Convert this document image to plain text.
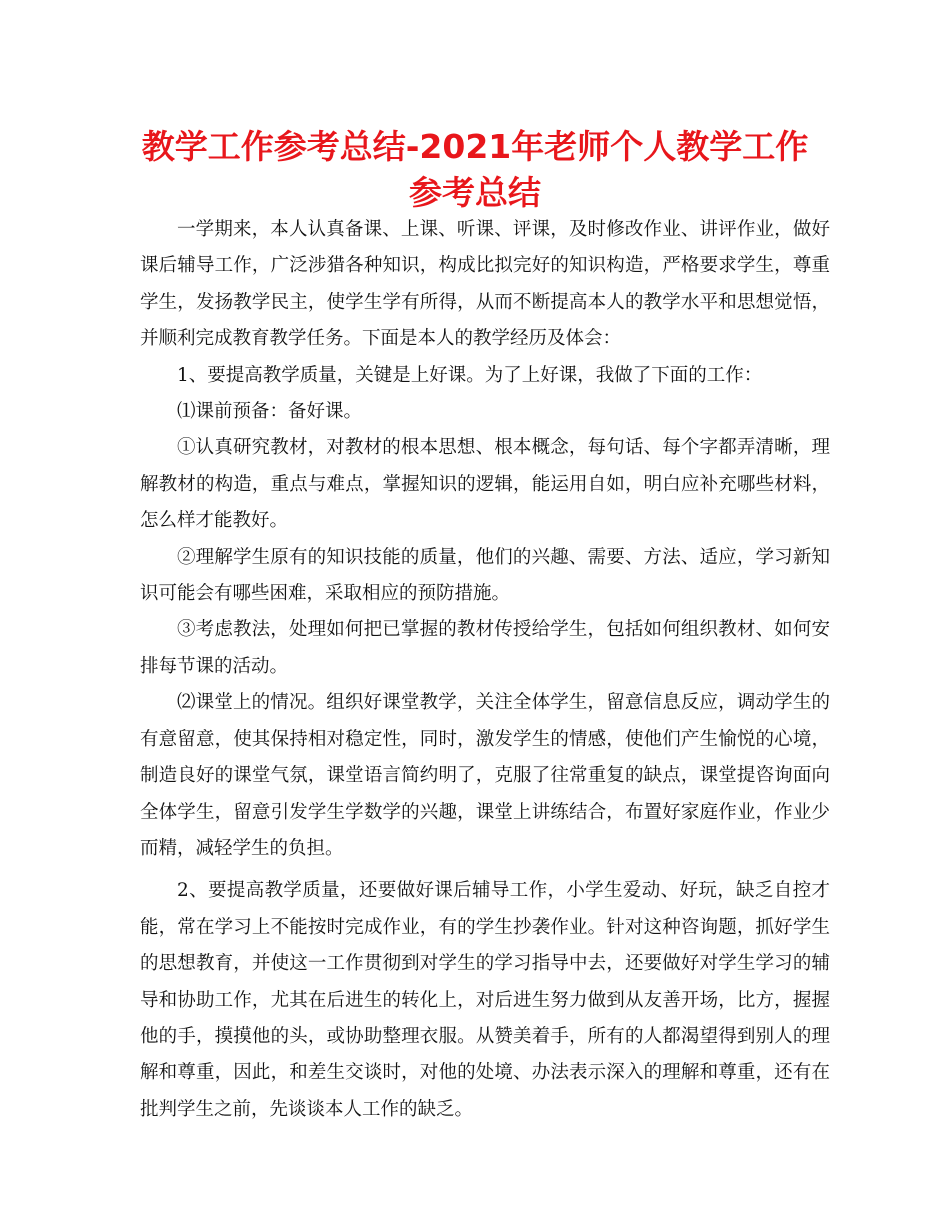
教学工作参考总结-2021年老师个人教学工作参考总结

一学期来，本人认真备课、上课、听课、评课，及时修改作业、讲评作业，做好课后辅导工作，广泛涉猎各种知识，构成比拟完好的知识构造，严格要求学生，尊重学生，发扬教学民主，使学生学有所得，从而不断提高本人的教学水平和思想觉悟，并顺利完成教育教学任务。下面是本人的教学经历及体会：

1、要提高教学质量，关键是上好课。为了上好课，我做了下面的工作：

⑴课前预备：备好课。

①认真研究教材，对教材的根本思想、根本概念，每句话、每个字都弄清晰，理解教材的构造，重点与难点，掌握知识的逻辑，能运用自如，明白应补充哪些材料，怎么样才能教好。

②理解学生原有的知识技能的质量，他们的兴趣、需要、方法、适应，学习新知识可能会有哪些困难，采取相应的预防措施。

③考虑教法，处理如何把已掌握的教材传授给学生，包括如何组织教材、如何安排每节课的活动。

⑵课堂上的情况。组织好课堂教学，关注全体学生，留意信息反应，调动学生的有意留意，使其保持相对稳定性，同时，激发学生的情感，使他们产生愉悦的心境，制造良好的课堂气氛，课堂语言简约明了，克服了往常重复的缺点，课堂提咨询面向全体学生，留意引发学生学数学的兴趣，课堂上讲练结合，布置好家庭作业，作业少而精，减轻学生的负担。

2、要提高教学质量，还要做好课后辅导工作，小学生爱动、好玩，缺乏自控才能，常在学习上不能按时完成作业，有的学生抄袭作业。针对这种咨询题，抓好学生的思想教育，并使这一工作贯彻到对学生的学习指导中去，还要做好对学生学习的辅导和协助工作，尤其在后进生的转化上，对后进生努力做到从友善开场，比方，握握他的手，摸摸他的头，或协助整理衣服。从赞美着手，所有的人都渴望得到别人的理解和尊重，因此，和差生交谈时，对他的处境、办法表示深入的理解和尊重，还有在批判学生之前，先谈谈本人工作的缺乏。
